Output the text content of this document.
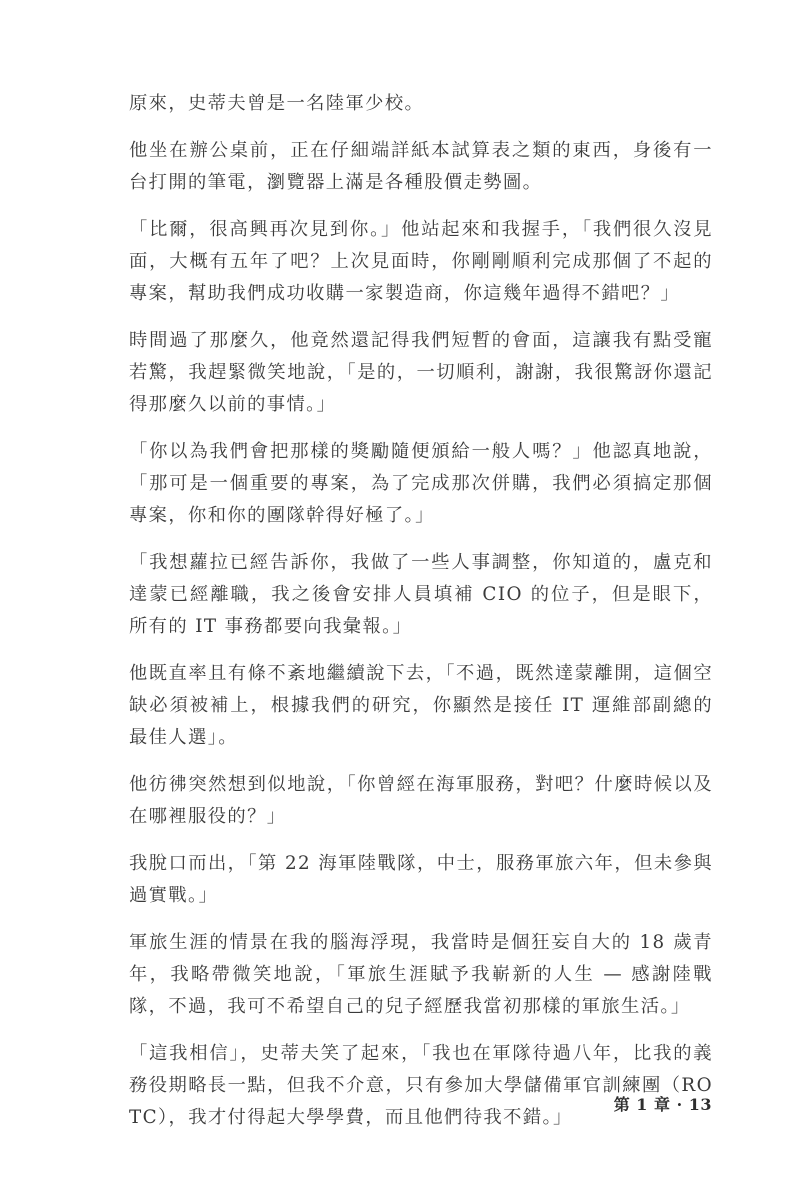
原來，史蒂夫曾是一名陸軍少校。

他坐在辦公桌前，正在仔細端詳紙本試算表之類的東西，身後有一台打開的筆電，瀏覽器上滿是各種股價走勢圖。

「比爾，很高興再次見到你。」他站起來和我握手，「我們很久沒見面，大概有五年了吧？上次見面時，你剛剛順利完成那個了不起的專案，幫助我們成功收購一家製造商，你這幾年過得不錯吧？」

時間過了那麼久，他竟然還記得我們短暫的會面，這讓我有點受寵若驚，我趕緊微笑地說，「是的，一切順利，謝謝，我很驚訝你還記得那麼久以前的事情。」

「你以為我們會把那樣的獎勵隨便頒給一般人嗎？」他認真地說，「那可是一個重要的專案，為了完成那次併購，我們必須搞定那個專案，你和你的團隊幹得好極了。」

「我想蘿拉已經告訴你，我做了一些人事調整，你知道的，盧克和達蒙已經離職，我之後會安排人員填補 CIO 的位子，但是眼下，所有的 IT 事務都要向我彙報。」

他既直率且有條不紊地繼續說下去，「不過，既然達蒙離開，這個空缺必須被補上，根據我們的研究，你顯然是接任 IT 運維部副總的最佳人選」。

他彷彿突然想到似地說，「你曾經在海軍服務，對吧？什麼時候以及在哪裡服役的？」

我脫口而出，「第 22 海軍陸戰隊，中士，服務軍旅六年，但未參與過實戰。」

軍旅生涯的情景在我的腦海浮現，我當時是個狂妄自大的 18 歲青年，我略帶微笑地說，「軍旅生涯賦予我嶄新的人生 — 感謝陸戰隊，不過，我可不希望自己的兒子經歷我當初那樣的軍旅生活。」

「這我相信」，史蒂夫笑了起來，「我也在軍隊待過八年，比我的義務役期略長一點，但我不介意，只有參加大學儲備軍官訓練團（ROTC），我才付得起大學學費，而且他們待我不錯。」

第 1 章 · 13
